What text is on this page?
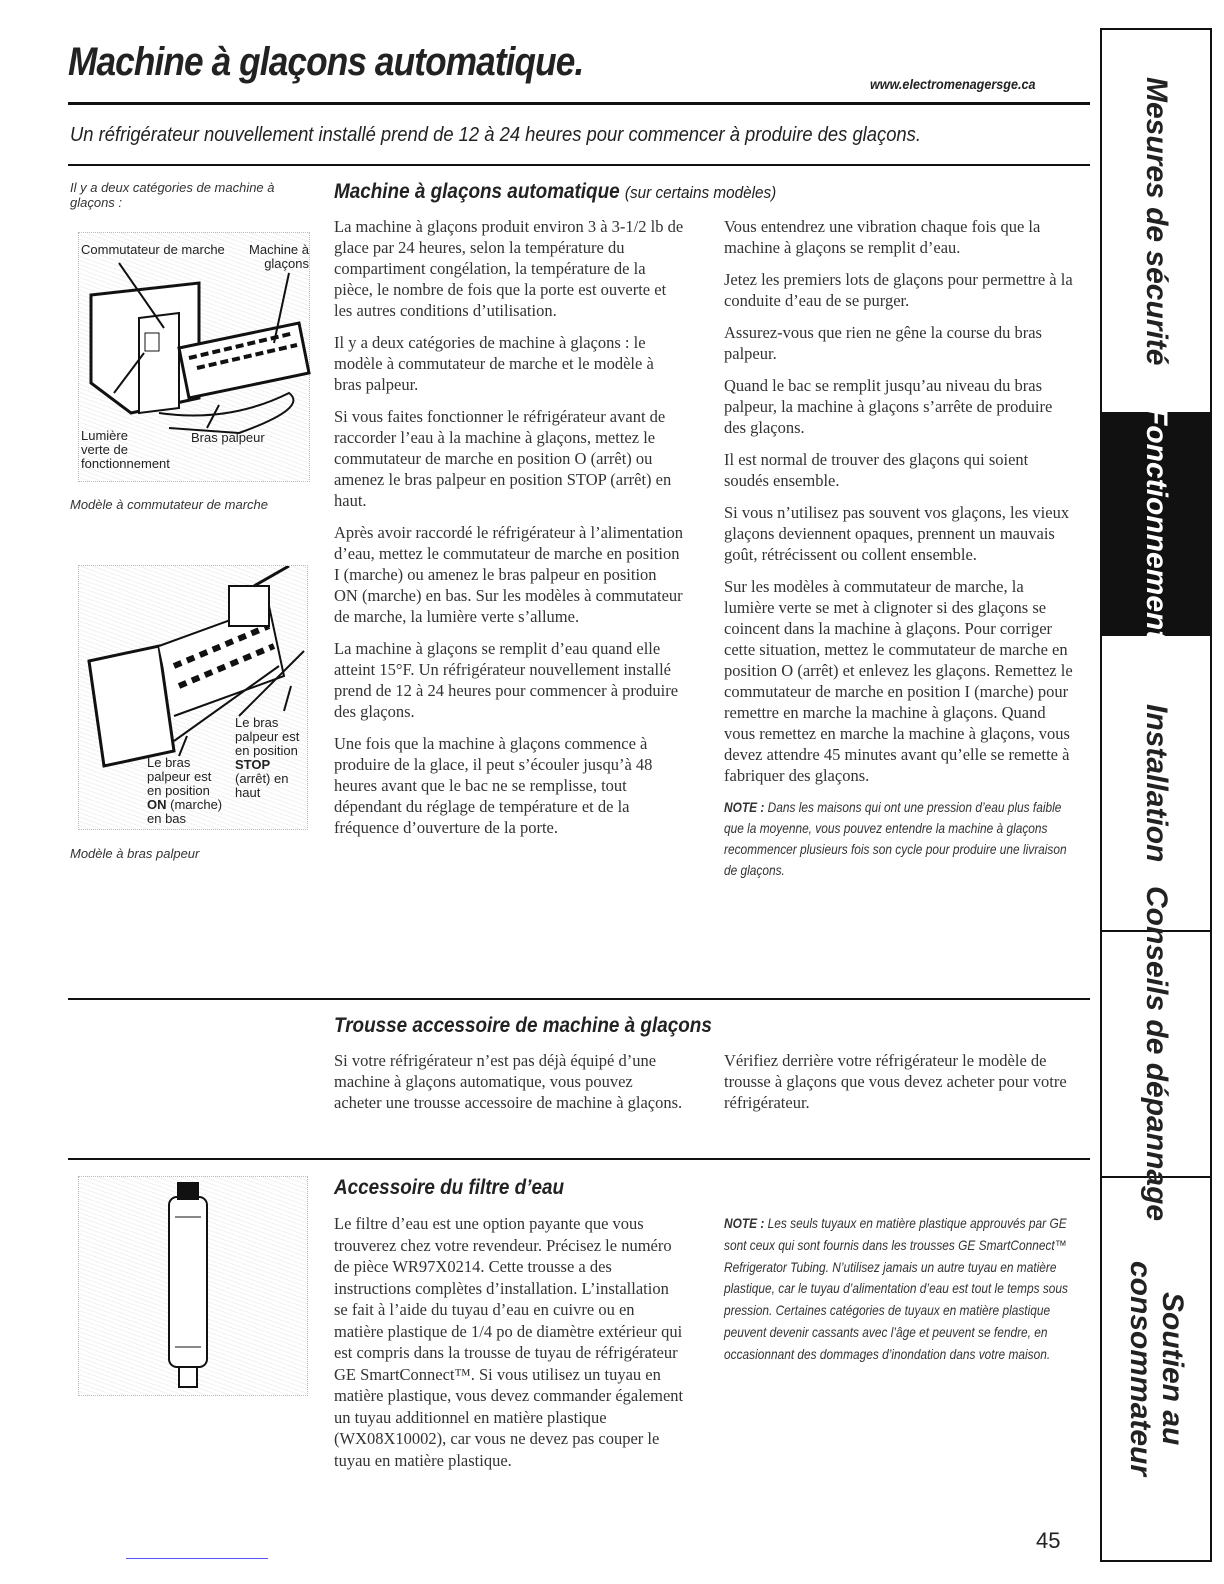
Machine à glaçons automatique.	www.electromenagersge.ca
Un réfrigérateur nouvellement installé prend de 12 à 24 heures pour commencer à produire des glaçons.
Il y a deux catégories de machine à glaçons :
Commutateur de marche	Machine à glaçons
Lumière verte de fonctionnement
Bras palpeur
Modèle à commutateur de marche
Le bras palpeur est en position
ON (marche) en bas
Le bras palpeur est en position
STOP (arrêt) en haut
Modèle à bras palpeur
Machine à glaçons automatique (sur certains modèles)

La machine à glaçons produit environ 3 à 3-1/2 lb de glace par 24 heures, selon la température du compartiment congélation, la température de la pièce, le nombre de fois que la porte est ouverte et les autres conditions d’utilisation.

Il y a deux catégories de machine à glaçons : le modèle à commutateur de marche et le modèle à bras palpeur.

Si vous faites fonctionner le réfrigérateur avant de raccorder l’eau à la machine à glaçons, mettez le commutateur de marche en position O (arrêt) ou amenez le bras palpeur en position STOP (arrêt) en haut.

Après avoir raccordé le réfrigérateur à l’alimentation d’eau, mettez le commutateur de marche en position I (marche) ou amenez le bras palpeur en position ON (marche) en bas. Sur les modèles à commutateur de marche, la lumière verte s’allume.

La machine à glaçons se remplit d’eau quand elle atteint 15°F. Un réfrigérateur nouvellement installé prend de 12 à 24 heures pour commencer à produire des glaçons.

Une fois que la machine à glaçons commence à produire de la glace, il peut s’écouler jusqu’à 48 heures avant que le bac ne se remplisse, tout dépendant du réglage de température et de la fréquence d’ouverture de la porte.

Vous entendrez une vibration chaque fois que la machine à glaçons se remplit d’eau.

Jetez les premiers lots de glaçons pour permettre à la conduite d’eau de se purger.

Assurez-vous que rien ne gêne la course du bras palpeur.

Quand le bac se remplit jusqu’au niveau du bras palpeur, la machine à glaçons s’arrête de produire des glaçons.

Il est normal de trouver des glaçons qui soient soudés ensemble.

Si vous n’utilisez pas souvent vos glaçons, les vieux glaçons deviennent opaques, prennent un mauvais goût, rétrécissent ou collent ensemble.

Sur les modèles à commutateur de marche, la lumière verte se met à clignoter si des glaçons se coincent dans la machine à glaçons. Pour corriger cette situation, mettez le commutateur de marche en position O (arrêt) et enlevez les glaçons. Remettez le commutateur de marche en position I (marche) pour remettre en marche la machine à glaçons. Quand vous remettez en marche la machine à glaçons, vous devez attendre 45 minutes avant qu’elle se remette à fabriquer des glaçons.

NOTE : Dans les maisons qui ont une pression d’eau plus faible que la moyenne, vous pouvez entendre la machine à glaçons recommencer plusieurs fois son cycle pour produire une livraison de glaçons.
Trousse accessoire de machine à glaçons
Si votre réfrigérateur n’est pas déjà équipé d’une machine à glaçons automatique, vous pouvez acheter une trousse accessoire de machine à glaçons.
Vérifiez derrière votre réfrigérateur le modèle de trousse à glaçons que vous devez acheter pour votre réfrigérateur.
Accessoire du filtre d’eau
Le filtre d’eau est une option payante que vous trouverez chez votre revendeur. Précisez le numéro de pièce WR97X0214. Cette trousse a des instructions complètes d’installation. L’installation se fait à l’aide du tuyau d’eau en cuivre ou en matière plastique de 1/4 po de diamètre extérieur qui est compris dans la trousse de tuyau de réfrigérateur GE SmartConnect™. Si vous utilisez un tuyau en matière plastique, vous devez commander également un tuyau additionnel en matière plastique (WX08X10002), car vous ne devez pas couper le tuyau en matière plastique.
NOTE : Les seuls tuyaux en matière plastique approuvés par GE sont ceux qui sont fournis dans les trousses GE SmartConnect™ Refrigerator Tubing. N’utilisez jamais un autre tuyau en matière plastique, car le tuyau d’alimentation d’eau est tout le temps sous pression. Certaines catégories de tuyaux en matière plastique peuvent devenir cassants avec l’âge et peuvent se fendre, en occasionnant des dommages d’inondation dans votre maison.
45
Mesures de sécurité
Fonctionnement
Installation
Conseils de dépannage
Soutien au
consommateur
